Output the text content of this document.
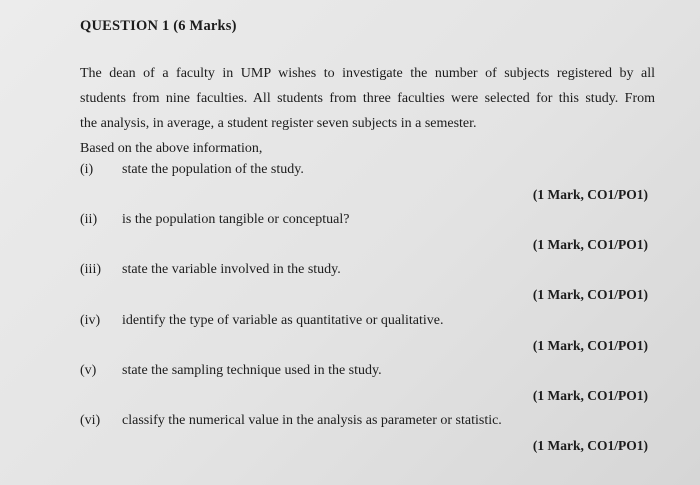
QUESTION 1 (6 Marks)
The dean of a faculty in UMP wishes to investigate the number of subjects registered by all
students from nine faculties. All students from three faculties were selected for this study. From
the analysis, in average, a student register seven subjects in a semester.
Based on the above information,
(i)	state the population of the study.
(1 Mark, CO1/PO1)
(ii)	is the population tangible or conceptual?
(1 Mark, CO1/PO1)
(iii)	state the variable involved in the study.
(1 Mark, CO1/PO1)
(iv)	identify the type of variable as quantitative or qualitative.
(1 Mark, CO1/PO1)
(v)	state the sampling technique used in the study.
(1 Mark, CO1/PO1)
(vi)	classify the numerical value in the analysis as parameter or statistic.
(1 Mark, CO1/PO1)
